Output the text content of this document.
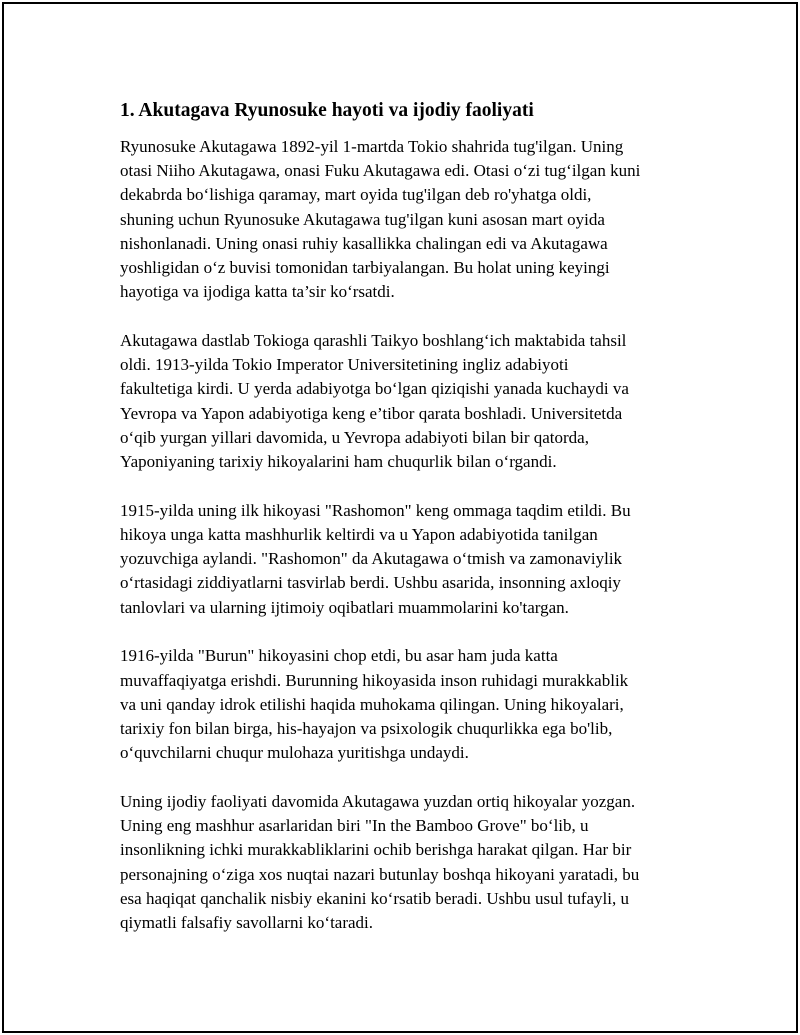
1. Akutagava Ryunosuke hayoti va ijodiy faoliyati
Ryunosuke Akutagawa 1892-yil 1-martda Tokio shahrida tug'ilgan. Uning
otasi Niiho Akutagawa, onasi Fuku Akutagawa edi. Otasi o‘zi tug‘ilgan kuni
dekabrda bo‘lishiga qaramay, mart oyida tug'ilgan deb ro'yhatga oldi,
shuning uchun Ryunosuke Akutagawa tug'ilgan kuni asosan mart oyida
nishonlanadi. Uning onasi ruhiy kasallikka chalingan edi va Akutagawa
yoshligidan o‘z buvisi tomonidan tarbiyalangan. Bu holat uning keyingi
hayotiga va ijodiga katta ta’sir ko‘rsatdi.
Akutagawa dastlab Tokioga qarashli Taikyo boshlang‘ich maktabida tahsil
oldi. 1913-yilda Tokio Imperator Universitetining ingliz adabiyoti
fakultetiga kirdi. U yerda adabiyotga bo‘lgan qiziqishi yanada kuchaydi va
Yevropa va Yapon adabiyotiga keng e’tibor qarata boshladi. Universitetda
o‘qib yurgan yillari davomida, u Yevropa adabiyoti bilan bir qatorda,
Yaponiyaning tarixiy hikoyalarini ham chuqurlik bilan o‘rgandi.
1915-yilda uning ilk hikoyasi "Rashomon" keng ommaga taqdim etildi. Bu
hikoya unga katta mashhurlik keltirdi va u Yapon adabiyotida tanilgan
yozuvchiga aylandi. "Rashomon" da Akutagawa o‘tmish va zamonaviylik
o‘rtasidagi ziddiyatlarni tasvirlab berdi. Ushbu asarida, insonning axloqiy
tanlovlari va ularning ijtimoiy oqibatlari muammolarini ko'targan.
1916-yilda "Burun" hikoyasini chop etdi, bu asar ham juda katta
muvaffaqiyatga erishdi. Burunning hikoyasida inson ruhidagi murakkablik
va uni qanday idrok etilishi haqida muhokama qilingan. Uning hikoyalari,
tarixiy fon bilan birga, his-hayajon va psixologik chuqurlikka ega bo'lib,
o‘quvchilarni chuqur mulohaza yuritishga undaydi.
Uning ijodiy faoliyati davomida Akutagawa yuzdan ortiq hikoyalar yozgan.
Uning eng mashhur asarlaridan biri "In the Bamboo Grove" bo‘lib, u
insonlikning ichki murakkabliklarini ochib berishga harakat qilgan. Har bir
personajning o‘ziga xos nuqtai nazari butunlay boshqa hikoyani yaratadi, bu
esa haqiqat qanchalik nisbiy ekanini ko‘rsatib beradi. Ushbu usul tufayli, u
qiymatli falsafiy savollarni ko‘taradi.
